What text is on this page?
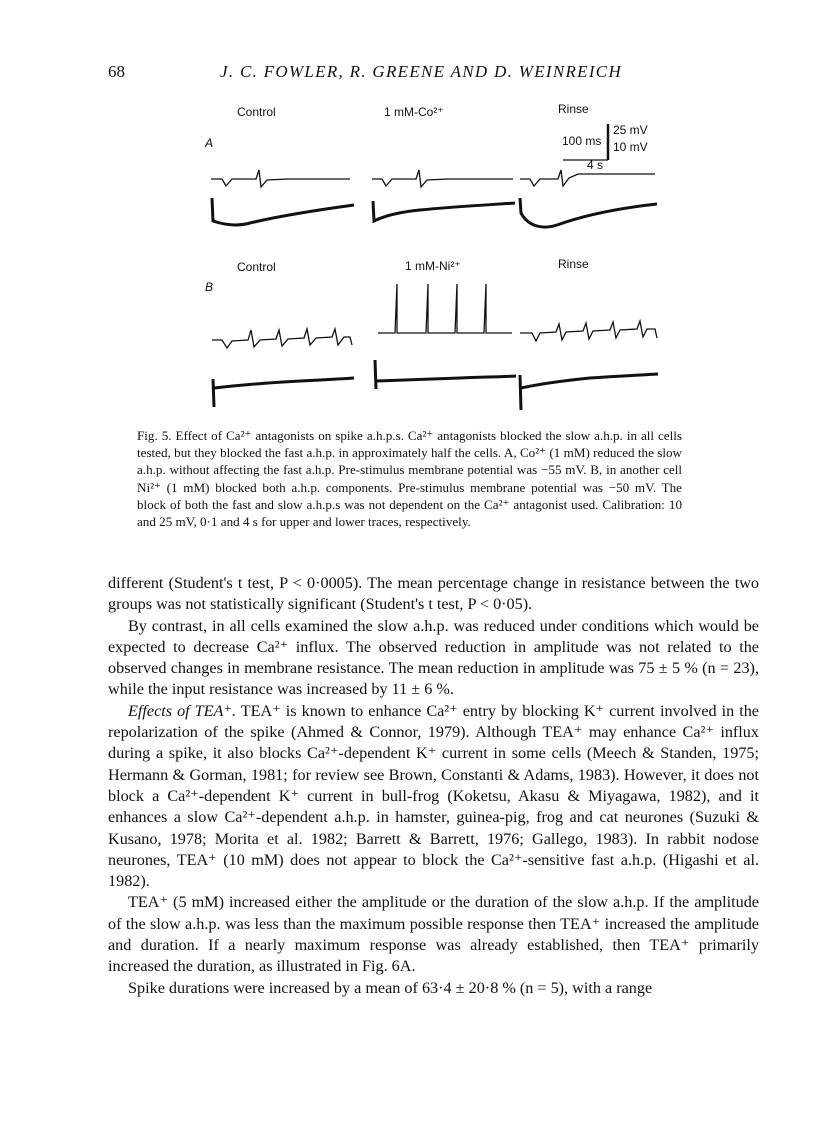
68	J. C. FOWLER, R. GREENE AND D. WEINREICH
Control	1 mM-Co²⁺	Rinse
A	100 ms
25 mV
10 mV
4 s
Control	1 mM-Ni²⁺	Rinse
B

Fig. 5. Effect of Ca²⁺ antagonists on spike a.h.p.s. Ca²⁺ antagonists blocked the slow a.h.p. in all cells tested, but they blocked the fast a.h.p. in approximately half the cells. A, Co²⁺ (1 mM) reduced the slow a.h.p. without affecting the fast a.h.p. Pre-stimulus membrane potential was −55 mV. B, in another cell Ni²⁺ (1 mM) blocked both a.h.p. components. Pre-stimulus membrane potential was −50 mV. The block of both the fast and slow a.h.p.s was not dependent on the Ca²⁺ antagonist used. Calibration: 10 and 25 mV, 0·1 and 4 s for upper and lower traces, respectively.

different (Student's t test, P < 0·0005). The mean percentage change in resistance between the two groups was not statistically significant (Student's t test, P < 0·05).

By contrast, in all cells examined the slow a.h.p. was reduced under conditions which would be expected to decrease Ca²⁺ influx. The observed reduction in amplitude was not related to the observed changes in membrane resistance. The mean reduction in amplitude was 75 ± 5 % (n = 23), while the input resistance was increased by 11 ± 6 %.

Effects of TEA⁺. TEA⁺ is known to enhance Ca²⁺ entry by blocking K⁺ current involved in the repolarization of the spike (Ahmed & Connor, 1979). Although TEA⁺ may enhance Ca²⁺ influx during a spike, it also blocks Ca²⁺-dependent K⁺ current in some cells (Meech & Standen, 1975; Hermann & Gorman, 1981; for review see Brown, Constanti & Adams, 1983). However, it does not block a Ca²⁺-dependent K⁺ current in bull-frog (Koketsu, Akasu & Miyagawa, 1982), and it enhances a slow Ca²⁺-dependent a.h.p. in hamster, guinea-pig, frog and cat neurones (Suzuki & Kusano, 1978; Morita et al. 1982; Barrett & Barrett, 1976; Gallego, 1983). In rabbit nodose neurones, TEA⁺ (10 mM) does not appear to block the Ca²⁺-sensitive fast a.h.p. (Higashi et al. 1982).

TEA⁺ (5 mM) increased either the amplitude or the duration of the slow a.h.p. If the amplitude of the slow a.h.p. was less than the maximum possible response then TEA⁺ increased the amplitude and duration. If a nearly maximum response was already established, then TEA⁺ primarily increased the duration, as illustrated in Fig. 6A.

Spike durations were increased by a mean of 63·4 ± 20·8 % (n = 5), with a range
